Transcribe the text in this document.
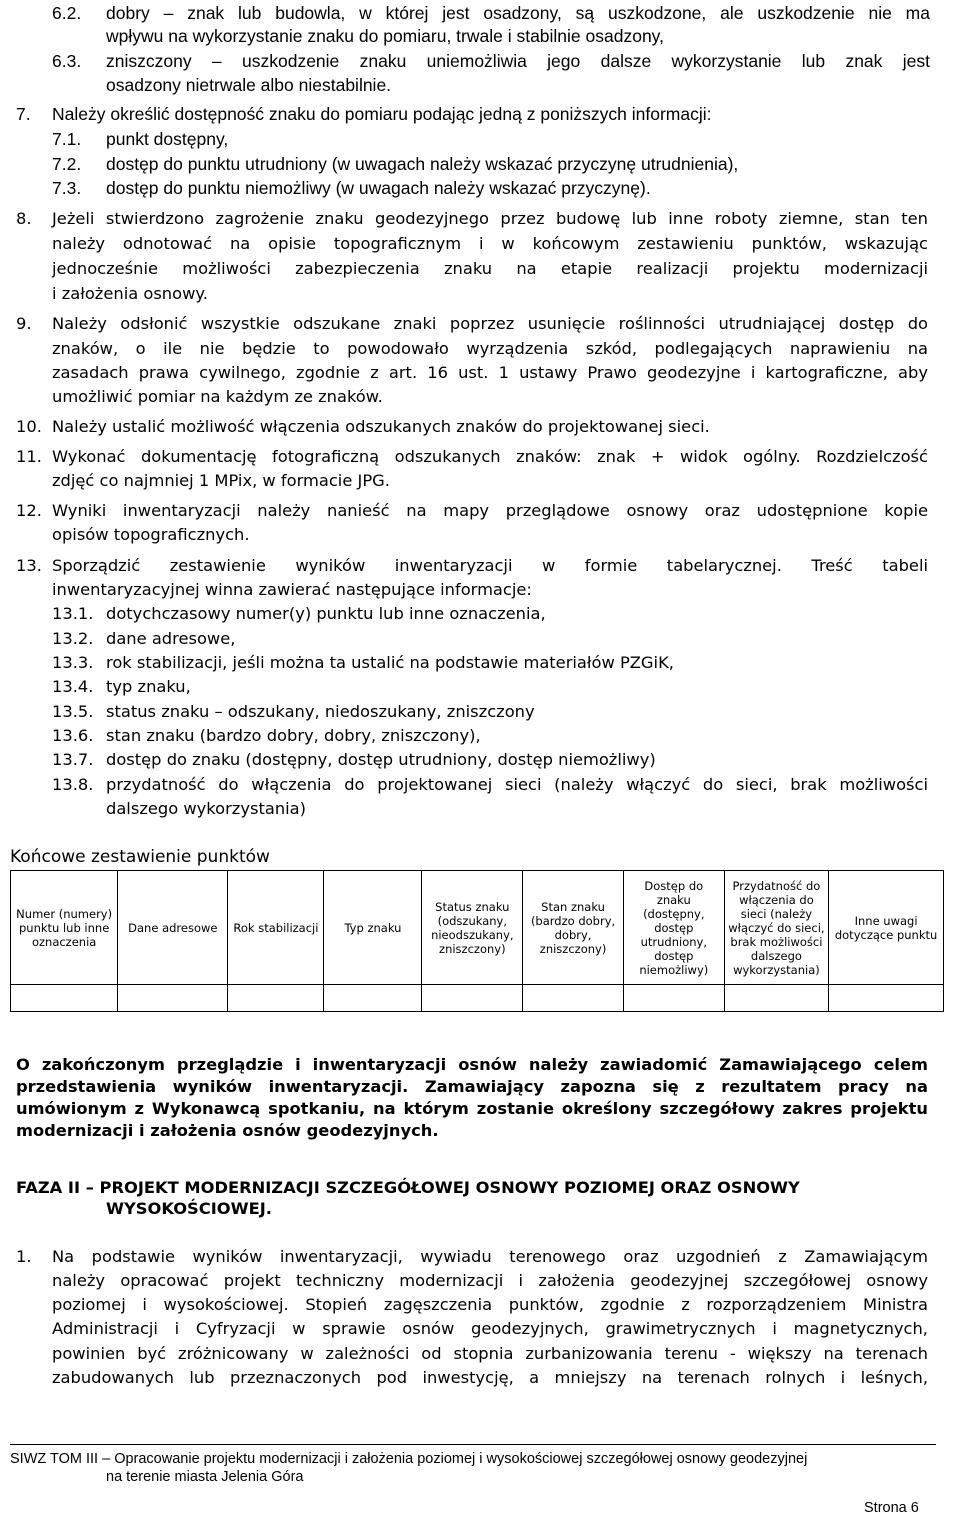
6.2. dobry – znak lub budowla, w której jest osadzony, są uszkodzone, ale uszkodzenie nie ma
wpływu na wykorzystanie znaku do pomiaru, trwale i stabilnie osadzony,
6.3. zniszczony – uszkodzenie znaku uniemożliwia jego dalsze wykorzystanie lub znak jest
osadzony nietrwale albo niestabilnie.
7. Należy określić dostępność znaku do pomiaru podając jedną z poniższych informacji:
7.1. punkt dostępny,
7.2. dostęp do punktu utrudniony (w uwagach należy wskazać przyczynę utrudnienia),
7.3. dostęp do punktu niemożliwy (w uwagach należy wskazać przyczynę).
8. Jeżeli stwierdzono zagrożenie znaku geodezyjnego przez budowę lub inne roboty ziemne, stan ten
należy odnotować na opisie topograficznym i w końcowym zestawieniu punktów, wskazując
jednocześnie możliwości zabezpieczenia znaku na etapie realizacji projektu modernizacji
i założenia osnowy.
9. Należy odsłonić wszystkie odszukane znaki poprzez usunięcie roślinności utrudniającej dostęp do
znaków, o ile nie będzie to powodowało wyrządzenia szkód, podlegających naprawieniu na
zasadach prawa cywilnego, zgodnie z art. 16 ust. 1 ustawy Prawo geodezyjne i kartograficzne, aby
umożliwić pomiar na każdym ze znaków.
10. Należy ustalić możliwość włączenia odszukanych znaków do projektowanej sieci.
11. Wykonać dokumentację fotograficzną odszukanych znaków: znak + widok ogólny. Rozdzielczość
zdjęć co najmniej 1 MPix, w formacie JPG.
12. Wyniki inwentaryzacji należy nanieść na mapy przeglądowe osnowy oraz udostępnione kopie
opisów topograficznych.
13. Sporządzić zestawienie wyników inwentaryzacji w formie tabelarycznej. Treść tabeli
inwentaryzacyjnej winna zawierać następujące informacje:
13.1. dotychczasowy numer(y) punktu lub inne oznaczenia,
13.2. dane adresowe,
13.3. rok stabilizacji, jeśli można ta ustalić na podstawie materiałów PZGiK,
13.4. typ znaku,
13.5. status znaku – odszukany, niedoszukany, zniszczony
13.6. stan znaku (bardzo dobry, dobry, zniszczony),
13.7. dostęp do znaku (dostępny, dostęp utrudniony, dostęp niemożliwy)
13.8. przydatność do włączenia do projektowanej sieci (należy włączyć do sieci, brak możliwości
dalszego wykorzystania)
Końcowe zestawienie punktów
Numer (numery) punktu lub inne oznaczenia	Dane adresowe	Rok stabilizacji	Typ znaku	Status znaku (odszukany, nieodszukany, zniszczony)	Stan znaku (bardzo dobry, dobry, zniszczony)	Dostęp do znaku (dostępny, dostęp utrudniony, dostęp niemożliwy)	Przydatność do włączenia do sieci (należy włączyć do sieci, brak możliwości dalszego wykorzystania)	Inne uwagi dotyczące punktu

O zakończonym przeglądzie i inwentaryzacji osnów należy zawiadomić Zamawiającego celem
przedstawienia wyników inwentaryzacji. Zamawiający zapozna się z rezultatem pracy na
umówionym z Wykonawcą spotkaniu, na którym zostanie określony szczegółowy zakres projektu
modernizacji i założenia osnów geodezyjnych.
FAZA II – PROJEKT MODERNIZACJI SZCZEGÓŁOWEJ OSNOWY POZIOMEJ ORAZ OSNOWY
WYSOKOŚCIOWEJ.
1. Na podstawie wyników inwentaryzacji, wywiadu terenowego oraz uzgodnień z Zamawiającym
należy opracować projekt techniczny modernizacji i założenia geodezyjnej szczegółowej osnowy
poziomej i wysokościowej. Stopień zagęszczenia punktów, zgodnie z rozporządzeniem Ministra
Administracji i Cyfryzacji w sprawie osnów geodezyjnych, grawimetrycznych i magnetycznych,
powinien być zróżnicowany w zależności od stopnia zurbanizowania terenu - większy na terenach
zabudowanych lub przeznaczonych pod inwestycję, a mniejszy na terenach rolnych i leśnych,
SIWZ TOM III – Opracowanie projektu modernizacji i założenia poziomej i wysokościowej szczegółowej osnowy geodezyjnej
na terenie miasta Jelenia Góra
Strona 6
